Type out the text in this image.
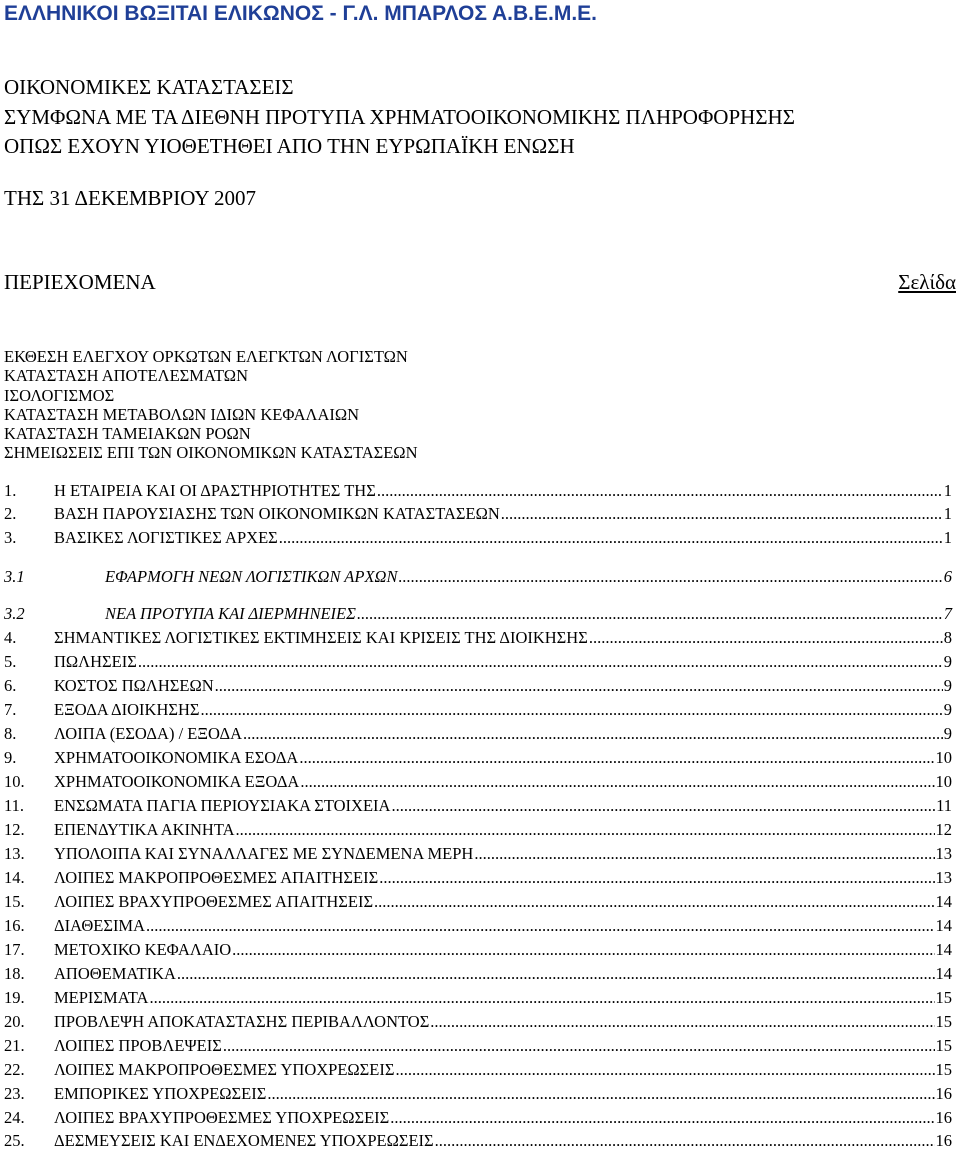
ΕΛΛΗΝΙΚΟΙ ΒΩΞΙΤΑΙ ΕΛΙΚΩΝΟΣ - Γ.Λ. ΜΠΑΡΛΟΣ Α.Β.Ε.Μ.Ε.
ΟΙΚΟΝΟΜΙΚΕΣ ΚΑΤΑΣΤΑΣΕΙΣ
ΣΥΜΦΩΝΑ ΜΕ ΤΑ ΔΙΕΘΝΗ ΠΡΟΤΥΠΑ ΧΡΗΜΑΤΟΟΙΚΟΝΟΜΙΚΗΣ ΠΛΗΡΟΦΟΡΗΣΗΣ
ΟΠΩΣ ΕΧΟΥΝ ΥΙΟΘΕΤΗΘΕΙ ΑΠΟ ΤΗΝ ΕΥΡΩΠΑΪΚΗ ΕΝΩΣΗ
ΤΗΣ 31 ΔΕΚΕΜΒΡΙΟΥ 2007
ΠΕΡΙΕΧΟΜΕΝΑ	Σελίδα
ΕΚΘΕΣΗ ΕΛΕΓΧΟΥ ΟΡΚΩΤΩΝ ΕΛΕΓΚΤΩΝ ΛΟΓΙΣΤΩΝ
ΚΑΤΑΣΤΑΣΗ ΑΠΟΤΕΛΕΣΜΑΤΩΝ
ΙΣΟΛΟΓΙΣΜΟΣ
ΚΑΤΑΣΤΑΣΗ ΜΕΤΑΒΟΛΩΝ ΙΔΙΩΝ ΚΕΦΑΛΑΙΩΝ
ΚΑΤΑΣΤΑΣΗ ΤΑΜΕΙΑΚΩΝ ΡΟΩΝ
ΣΗΜΕΙΩΣΕΙΣ ΕΠΙ ΤΩΝ ΟΙΚΟΝΟΜΙΚΩΝ ΚΑΤΑΣΤΑΣΕΩΝ
1.	Η ΕΤΑΙΡΕΙΑ ΚΑΙ ΟΙ ΔΡΑΣΤΗΡΙΟΤΗΤΕΣ ΤΗΣ .....	1
2.	ΒΑΣΗ ΠΑΡΟΥΣΙΑΣΗΣ ΤΩΝ ΟΙΚΟΝΟΜΙΚΩΝ ΚΑΤΑΣΤΑΣΕΩΝ .....	1
3.	ΒΑΣΙΚΕΣ ΛΟΓΙΣΤΙΚΕΣ ΑΡΧΕΣ .....	1
3.1	ΕΦΑΡΜΟΓΗ ΝΕΩΝ ΛΟΓΙΣΤΙΚΩΝ ΑΡΧΩΝ .....	6
3.2	ΝΕΑ ΠΡΟΤΥΠΑ ΚΑΙ ΔΙΕΡΜΗΝΕΙΕΣ .....	7
4.	ΣΗΜΑΝΤΙΚΕΣ ΛΟΓΙΣΤΙΚΕΣ ΕΚΤΙΜΗΣΕΙΣ ΚΑΙ ΚΡΙΣΕΙΣ ΤΗΣ ΔΙΟΙΚΗΣΗΣ .....	8
5.	ΠΩΛΗΣΕΙΣ .....	9
6.	ΚΟΣΤΟΣ ΠΩΛΗΣΕΩΝ .....	9
7.	ΕΞΟΔΑ ΔΙΟΙΚΗΣΗΣ .....	9
8.	ΛΟΙΠΑ (ΕΣΟΔΑ) / ΕΞΟΔΑ .....	9
9.	ΧΡΗΜΑΤΟΟΙΚΟΝΟΜΙΚΑ ΕΣΟΔΑ .....	10
10.	ΧΡΗΜΑΤΟΟΙΚΟΝΟΜΙΚΑ ΕΞΟΔΑ .....	10
11.	ΕΝΣΩΜΑΤΑ ΠΑΓΙΑ ΠΕΡΙΟΥΣΙΑΚΑ ΣΤΟΙΧΕΙΑ .....	11
12.	ΕΠΕΝΔΥΤΙΚΑ ΑΚΙΝΗΤΑ .....	12
13.	ΥΠΟΛΟΙΠΑ ΚΑΙ ΣΥΝΑΛΛΑΓΕΣ ΜΕ ΣΥΝΔΕΜΕΝΑ ΜΕΡΗ .....	13
14.	ΛΟΙΠΕΣ ΜΑΚΡΟΠΡΟΘΕΣΜΕΣ ΑΠΑΙΤΗΣΕΙΣ .....	13
15.	ΛΟΙΠΕΣ ΒΡΑΧΥΠΡΟΘΕΣΜΕΣ ΑΠΑΙΤΗΣΕΙΣ .....	14
16.	ΔΙΑΘΕΣΙΜΑ .....	14
17.	ΜΕΤΟΧΙΚΟ ΚΕΦΑΛΑΙΟ .....	14
18.	ΑΠΟΘΕΜΑΤΙΚΑ .....	14
19.	ΜΕΡΙΣΜΑΤΑ .....	15
20.	ΠΡΟΒΛΕΨΗ ΑΠΟΚΑΤΑΣΤΑΣΗΣ ΠΕΡΙΒΑΛΛΟΝΤΟΣ .....	15
21.	ΛΟΙΠΕΣ ΠΡΟΒΛΕΨΕΙΣ .....	15
22.	ΛΟΙΠΕΣ ΜΑΚΡΟΠΡΟΘΕΣΜΕΣ ΥΠΟΧΡΕΩΣΕΙΣ .....	15
23.	ΕΜΠΟΡΙΚΕΣ ΥΠΟΧΡΕΩΣΕΙΣ .....	16
24.	ΛΟΙΠΕΣ ΒΡΑΧΥΠΡΟΘΕΣΜΕΣ ΥΠΟΧΡΕΩΣΕΙΣ .....	16
25.	ΔΕΣΜΕΥΣΕΙΣ ΚΑΙ ΕΝΔΕΧΟΜΕΝΕΣ ΥΠΟΧΡΕΩΣΕΙΣ .....	16
